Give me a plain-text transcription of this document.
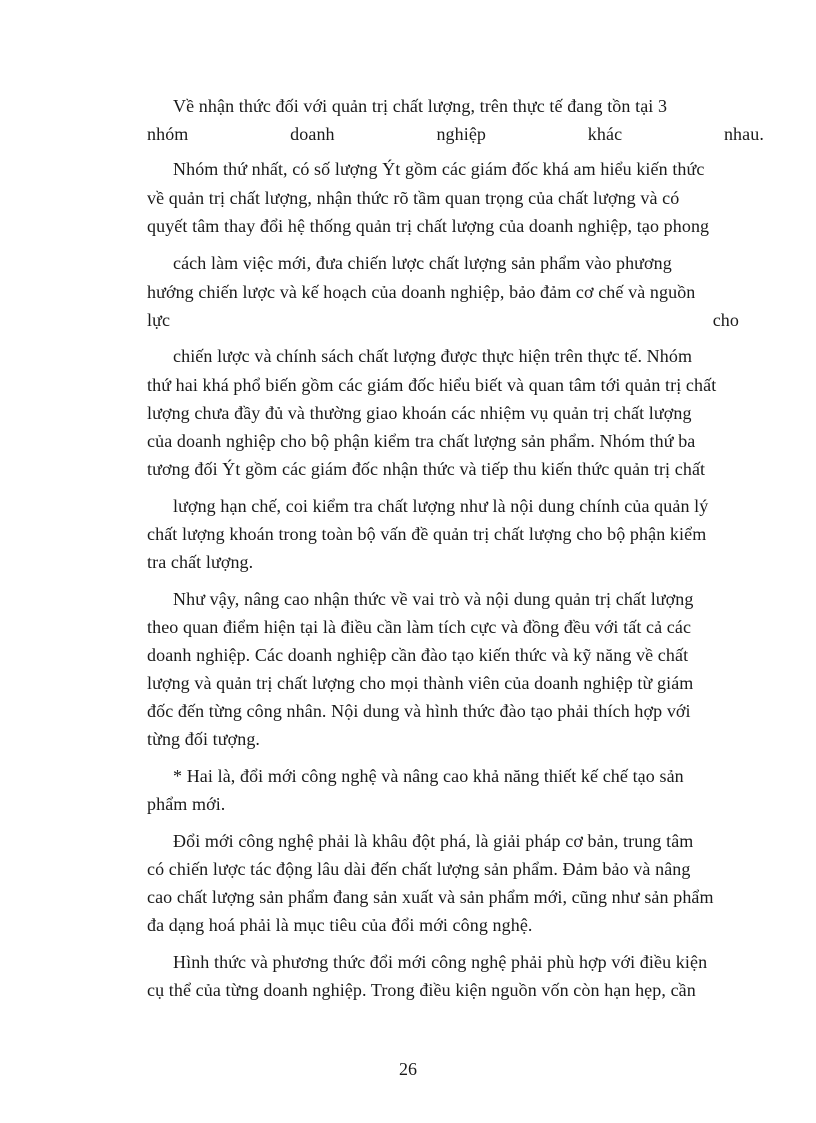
Về nhận thức đối với quản trị chất lượng, trên thực tế đang tồn tại 3
nhóm	doanh	nghiệp	khác	nhau.
Nhóm thứ nhất, có số lượng Ýt gồm các giám đốc khá am hiểu kiến thức
về quản trị chất lượng, nhận thức rõ tầm quan trọng của chất lượng và có
quyết tâm thay đổi hệ thống quản trị chất lượng của doanh nghiệp, tạo phong
cách làm việc mới, đưa chiến lược chất lượng sản phẩm vào phương
hướng chiến lược và kế hoạch của doanh nghiệp, bảo đảm cơ chế và nguồn
lực	cho
chiến lược và chính sách chất lượng được thực hiện trên thực tế. Nhóm
thứ hai khá phổ biến gồm các giám đốc hiểu biết và quan tâm tới quản trị chất
lượng chưa đầy đủ và thường giao khoán các nhiệm vụ quản trị chất lượng
của doanh nghiệp cho bộ phận kiểm tra chất lượng sản phẩm. Nhóm thứ ba
tương đối Ýt gồm các giám đốc nhận thức và tiếp thu kiến thức quản trị chất
lượng hạn chế, coi kiểm tra chất lượng như là nội dung chính của quản lý
chất lượng khoán trong toàn bộ vấn đề quản trị chất lượng cho bộ phận kiểm
tra chất lượng.
Như vậy, nâng cao nhận thức về vai trò và nội dung quản trị chất lượng
theo quan điểm hiện tại là điều cần làm tích cực và đồng đều với tất cả các
doanh nghiệp. Các doanh nghiệp cần đào tạo kiến thức và kỹ năng về chất
lượng và quản trị chất lượng cho mọi thành viên của doanh nghiệp từ giám
đốc đến từng công nhân. Nội dung và hình thức đào tạo phải thích hợp với
từng đối tượng.
* Hai là, đổi mới công nghệ và nâng cao khả năng thiết kế chế tạo sản
phẩm mới.
Đổi mới công nghệ phải là khâu đột phá, là giải pháp cơ bản, trung tâm
có chiến lược tác động lâu dài đến chất lượng sản phẩm. Đảm bảo và nâng
cao chất lượng sản phẩm đang sản xuất và sản phẩm mới, cũng như sản phẩm
đa dạng hoá phải là mục tiêu của đổi mới công nghệ.
Hình thức và phương thức đổi mới công nghệ phải phù hợp với điều kiện
cụ thể của từng doanh nghiệp. Trong điều kiện nguồn vốn còn hạn hẹp, cần
26
